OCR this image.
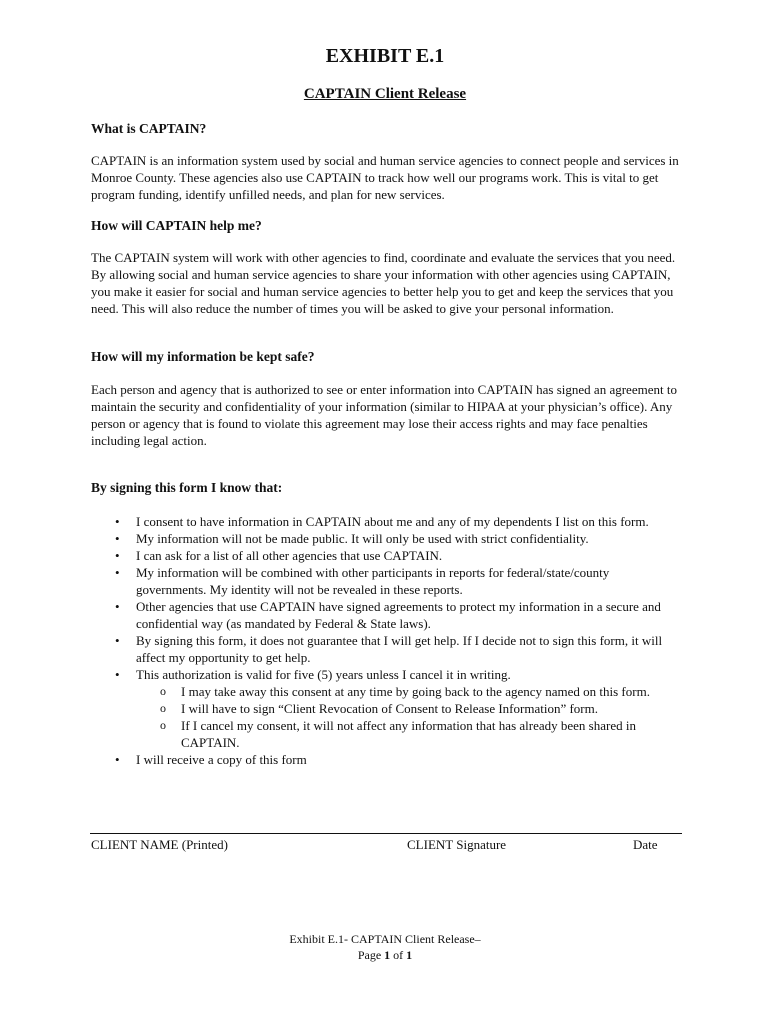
EXHIBIT E.1
CAPTAIN Client Release
What is CAPTAIN?
CAPTAIN is an information system used by social and human service agencies to connect people and services in Monroe County. These agencies also use CAPTAIN to track how well our programs work. This is vital to get program funding, identify unfilled needs, and plan for new services.
How will CAPTAIN help me?
The CAPTAIN system will work with other agencies to find, coordinate and evaluate the services that you need. By allowing social and human service agencies to share your information with other agencies using CAPTAIN, you make it easier for social and human service agencies to better help you to get and keep the services that you need. This will also reduce the number of times you will be asked to give your personal information.
How will my information be kept safe?
Each person and agency that is authorized to see or enter information into CAPTAIN has signed an agreement to maintain the security and confidentiality of your information (similar to HIPAA at your physician’s office). Any person or agency that is found to violate this agreement may lose their access rights and may face penalties including legal action.
By signing this form I know that:
• I consent to have information in CAPTAIN about me and any of my dependents I list on this form.
• My information will not be made public. It will only be used with strict confidentiality.
• I can ask for a list of all other agencies that use CAPTAIN.
• My information will be combined with other participants in reports for federal/state/county governments. My identity will not be revealed in these reports.
• Other agencies that use CAPTAIN have signed agreements to protect my information in a secure and confidential way (as mandated by Federal & State laws).
• By signing this form, it does not guarantee that I will get help. If I decide not to sign this form, it will affect my opportunity to get help.
• This authorization is valid for five (5) years unless I cancel it in writing.
o I may take away this consent at any time by going back to the agency named on this form.
o I will have to sign “Client Revocation of Consent to Release Information” form.
o If I cancel my consent, it will not affect any information that has already been shared in CAPTAIN.
• I will receive a copy of this form
CLIENT NAME (Printed)	CLIENT Signature	Date
Exhibit E.1- CAPTAIN Client Release–
Page 1 of 1
